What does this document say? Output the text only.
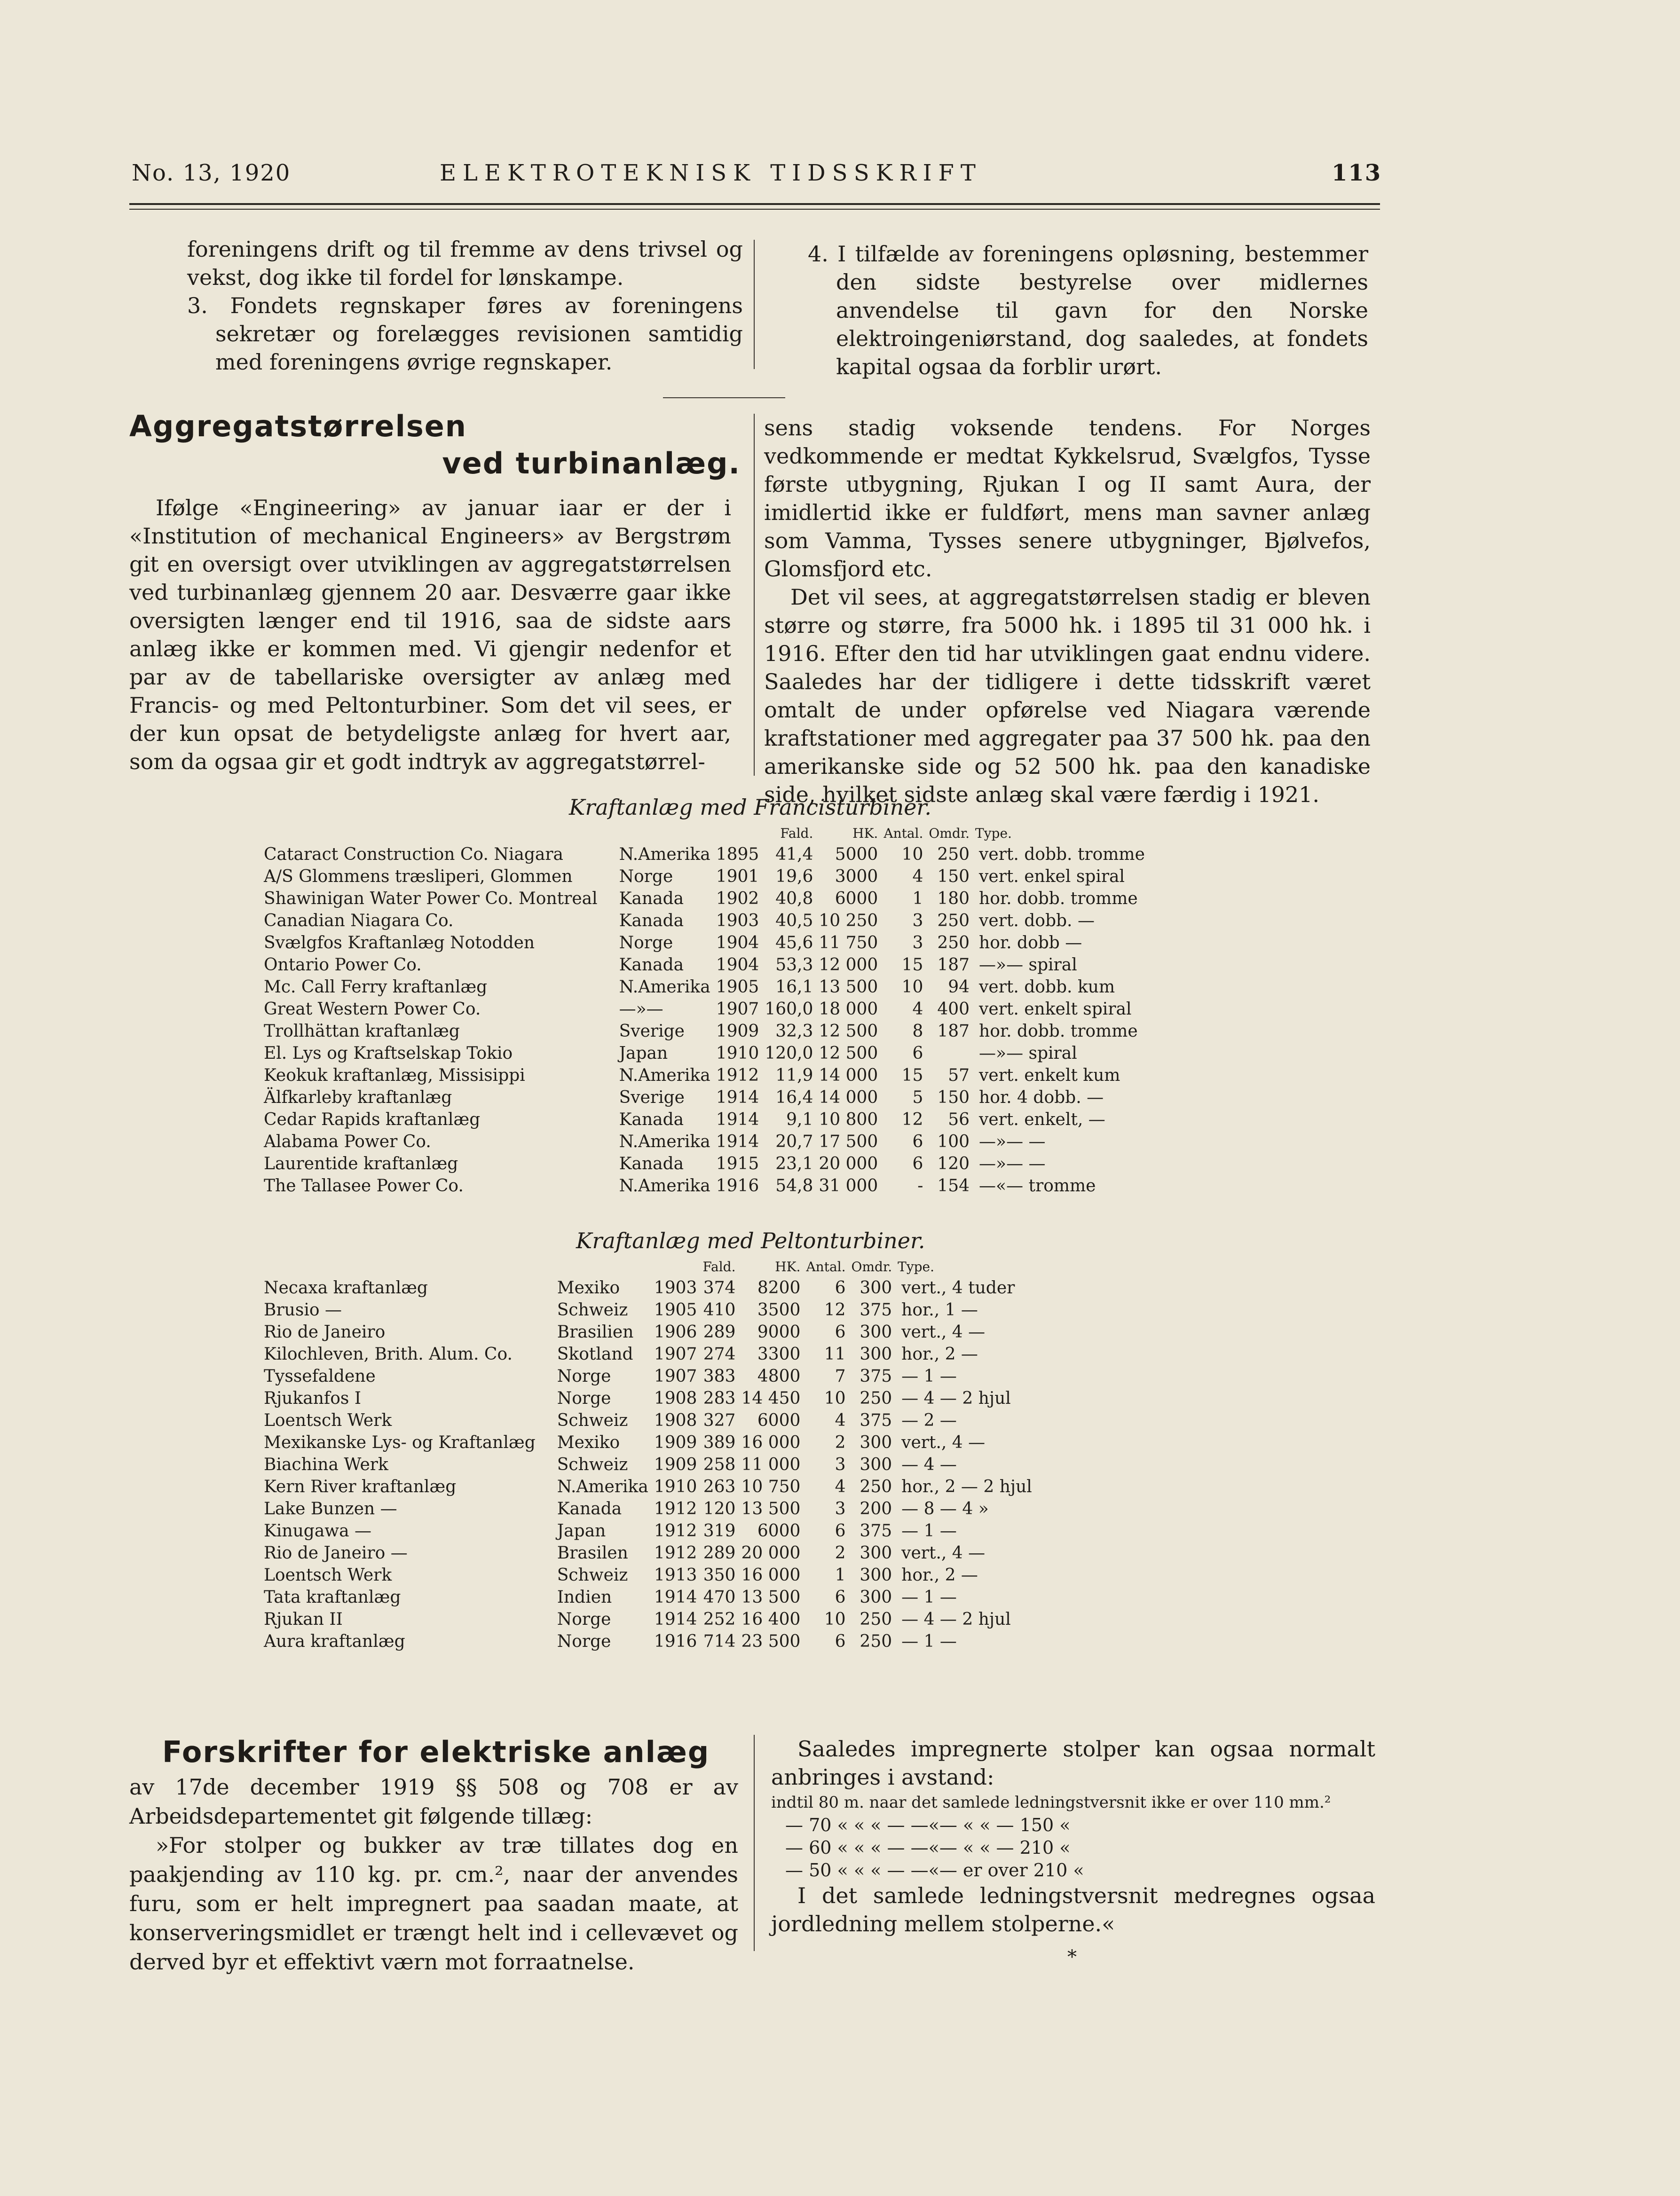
No. 13, 1920	ELEKTROTEKNISK TIDSSKRIFT	113

foreningens drift og til fremme av dens trivsel og vekst, dog ikke til fordel for lønskampe.

3. Fondets regnskaper føres av foreningens sekretær og forelægges revisionen samtidig med foreningens øvrige regnskaper.

4. I tilfælde av foreningens opløsning, bestemmer den sidste bestyrelse over midlernes anvendelse til gavn for den Norske elektroingeniørstand, dog saaledes, at fondets kapital ogsaa da forblir urørt.

Aggregatstørrelsen
ved turbinanlæg.

Ifølge «Engineering» av januar iaar er der i «Institution of mechanical Engineers» av Bergstrøm git en oversigt over utviklingen av aggregatstørrelsen ved turbinanlæg gjennem 20 aar. Desværre gaar ikke oversigten længer end til 1916, saa de sidste aars anlæg ikke er kommen med. Vi gjengir nedenfor et par av de tabellariske oversigter av anlæg med Francis- og med Peltonturbiner. Som det vil sees, er der kun opsat de betydeligste anlæg for hvert aar, som da ogsaa gir et godt indtryk av aggregatstørrel-

sens stadig voksende tendens. For Norges vedkommende er medtat Kykkelsrud, Svælgfos, Tysse første utbygning, Rjukan I og II samt Aura, der imidlertid ikke er fuldført, mens man savner anlæg som Vamma, Tysses senere utbygninger, Bjølvefos, Glomsfjord etc.

Det vil sees, at aggregatstørrelsen stadig er bleven større og større, fra 5000 hk. i 1895 til 31 000 hk. i 1916. Efter den tid har utviklingen gaat endnu videre. Saaledes har der tidligere i dette tidsskrift været omtalt de under opførelse ved Niagara værende kraftstationer med aggregater paa 37 500 hk. paa den amerikanske side og 52 500 hk. paa den kanadiske side, hvilket sidste anlæg skal være færdig i 1921.

Kraftanlæg med Francisturbiner.
			Fald.	HK.	Antal.	Omdr.	Type.
Cataract Construction Co. Niagara	N.Amerika	1895	41,4	5000	10	250	vert. dobb. tromme
A/S Glommens træsliperi, Glommen	Norge	1901	19,6	3000	4	150	vert. enkel spiral
Shawinigan Water Power Co. Montreal	Kanada	1902	40,8	6000	1	180	hor. dobb. tromme
Canadian Niagara Co.	Kanada	1903	40,5	10 250	3	250	vert. dobb. —
Svælgfos Kraftanlæg Notodden	Norge	1904	45,6	11 750	3	250	hor. dobb —
Ontario Power Co.	Kanada	1904	53,3	12 000	15	187	—»— spiral
Mc. Call Ferry kraftanlæg	N.Amerika	1905	16,1	13 500	10	94	vert. dobb. kum
Great Western Power Co.	—»—	1907	160,0	18 000	4	400	vert. enkelt spiral
Trollhättan kraftanlæg	Sverige	1909	32,3	12 500	8	187	hor. dobb. tromme
El. Lys og Kraftselskap Tokio	Japan	1910	120,0	12 500	6		—»— spiral
Keokuk kraftanlæg, Missisippi	N.Amerika	1912	11,9	14 000	15	57	vert. enkelt kum
Älfkarleby kraftanlæg	Sverige	1914	16,4	14 000	5	150	hor. 4 dobb. —
Cedar Rapids kraftanlæg	Kanada	1914	9,1	10 800	12	56	vert. enkelt, —
Alabama Power Co.	N.Amerika	1914	20,7	17 500	6	100	—»— —
Laurentide kraftanlæg	Kanada	1915	23,1	20 000	6	120	—»— —
The Tallasee Power Co.	N.Amerika	1916	54,8	31 000	-	154	—«— tromme
Kraftanlæg med Peltonturbiner.
			Fald.	HK.	Antal.	Omdr.	Type.
Necaxa kraftanlæg	Mexiko	1903	374	8200	6	300	vert., 4 tuder
Brusio —	Schweiz	1905	410	3500	12	375	hor., 1 —
Rio de Janeiro	Brasilien	1906	289	9000	6	300	vert., 4 —
Kilochleven, Brith. Alum. Co.	Skotland	1907	274	3300	11	300	hor., 2 —
Tyssefaldene	Norge	1907	383	4800	7	375	— 1 —
Rjukanfos I	Norge	1908	283	14 450	10	250	— 4 — 2 hjul
Loentsch Werk	Schweiz	1908	327	6000	4	375	— 2 —
Mexikanske Lys- og Kraftanlæg	Mexiko	1909	389	16 000	2	300	vert., 4 —
Biachina Werk	Schweiz	1909	258	11 000	3	300	— 4 —
Kern River kraftanlæg	N.Amerika	1910	263	10 750	4	250	hor., 2 — 2 hjul
Lake Bunzen —	Kanada	1912	120	13 500	3	200	— 8 — 4 »
Kinugawa —	Japan	1912	319	6000	6	375	— 1 —
Rio de Janeiro —	Brasilen	1912	289	20 000	2	300	vert., 4 —
Loentsch Werk	Schweiz	1913	350	16 000	1	300	hor., 2 —
Tata kraftanlæg	Indien	1914	470	13 500	6	300	— 1 —
Rjukan II	Norge	1914	252	16 400	10	250	— 4 — 2 hjul
Aura kraftanlæg	Norge	1916	714	23 500	6	250	— 1 —
Forskrifter for elektriske anlæg

av 17de december 1919 §§ 508 og 708 er av Arbeidsdepartementet git følgende tillæg:

»For stolper og bukker av træ tillates dog en paakjending av 110 kg. pr. cm.², naar der anvendes furu, som er helt impregnert paa saadan maate, at konserveringsmidlet er trængt helt ind i cellevævet og derved byr et effektivt værn mot forraatnelse.

Saaledes impregnerte stolper kan ogsaa normalt anbringes i avstand:

indtil 80 m. naar det samlede ledningstversnit ikke er over 110 mm.²

— 70 « « « — —«— « « — 150 «

— 60 « « « — —«— « « — 210 «

— 50 « « « — —«— er over 210 «

I det samlede ledningstversnit medregnes ogsaa jordledning mellem stolperne.«

*
